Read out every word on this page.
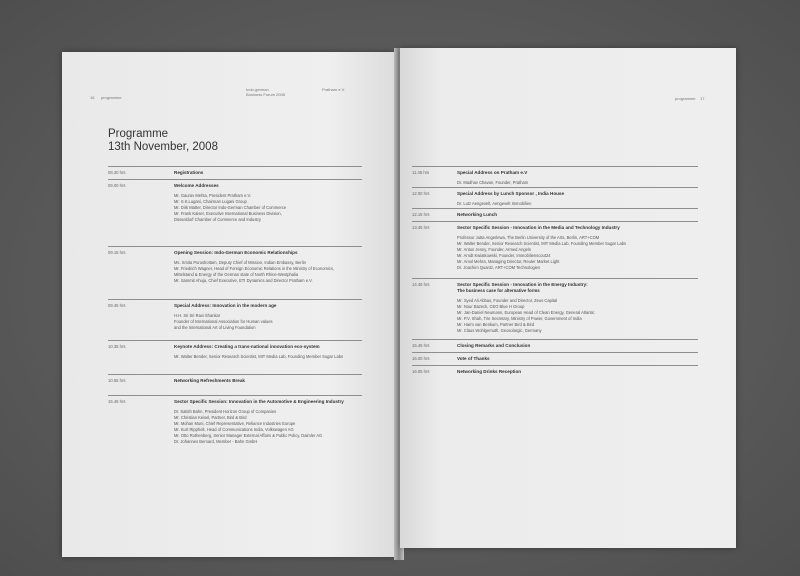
16 programme
Indo-german
Business Forum 2008
Pratham e.V.
Programme
13th November, 2008
08.30 hrs	Registrations
09.00 hrs	Welcome Addresses
Mr. Gaurav Mehta, President Pratham e.V.
Mr. S.K.Lugani, Chairman Lugani Group
Mr. Dirk Matter, Director Indo-German Chamber of Commerce
Mr. Frank Kaiser, Executive International Business Division,
Düsseldorf Chamber of Commerce and Industry
09.15 hrs	Opening Session: Indo-German Economic Relationships
Ms. Smita Purushottam, Deputy Chief of Mission, Indian Embassy, Berlin
Mr. Friedrich Wagner, Head of Foreign Economic Relations in the Ministry of Economics,
Mittelstand & Energy of the German state of North Rhine-Westphalia
Mr. Sammit Ahuja, Chief Executive, ETI Dynamics and Director Pratham e.V.
09.45 hrs	Special Address: Innovation in the modern age
H.H. Sri Sri Ravi Shankar
Founder of International Association for Human values
and the International Art of Living Foundation
10.35 hrs	Keynote Address: Creating a trans-national innovation eco-system
Mr. Walter Bender, Senior Research Scientist, MIT Media Lab, Founding Member Sugar Labs
10.55 hrs	Networking Refreshments Break
15.45 hrs	Sector Specific Session: Innovation in the Automotive & Engineering Industry
Dr. Satish Bahn, President Horizon Group of Companies
Mr. Christian Keisel, Partner, Bird & Bird
Mr. Mohan Muni, Chief Representative, Reliance Industries Europe
Mr. Kurt Rippholt, Head of Communications India, Volkswagen AG
Mr. Otto Rothenberg, Senior Manager External Affairs & Public Policy, Daimler AG
Dr. Johannes Bernard, Member - Bahn GmbH
programme 17
11.45 hrs	Special Address on Pratham e.V
Dr. Madhav Chavan, Founder, Pratham
12.00 hrs	Special Address by Lunch Sponsor , India House
Dr. Lutz Aengevelt, Aengevelt Immobilien
12.15 hrs	Networking Lunch
13.45 hrs	Sector Specific Session - Innovation in the Media and Technology Industry
Professor Jutta Angerlewa, The Berlin University of the Arts, Berlin, ART+COM
Mr. Walter Bender, Senior Research Scientist, MIT Media Lab, Founding Member Sugar Labs
Mr. Anton Jenny, Founder, Armed Angels
Mr. Arndt Kwiatkowski, Founder, Immobilienscout24
Mr. Amol Mehra, Managing Director, Reuter Market Light
Dr. Joachim Quantz, ART+COM Technologies
14.45 hrs	Sector Specific Session - Innovation in the Energy Industry:
The business case for alternative forms
Mr. Syed Ali Abbas, Founder and Director, Zeus Capital
Mr. Nour Bazeck, CEO Blue H Group
Mr. Jan-Daniel Neumann, European Head of Clean Energy, General Atlantic
Mr. P.V. Shah, Tire Secretary, Ministry of Power, Government of India
Mr. Harm van Benkum, Partner Bird & Bird
Mr. Claus Wohlgemuth, Geosolargic, Germany
15.45 hrs	Closing Remarks and Conclusion
16.00 hrs	Vote of Thanks
16.05 hrs	Networking Drinks Reception
